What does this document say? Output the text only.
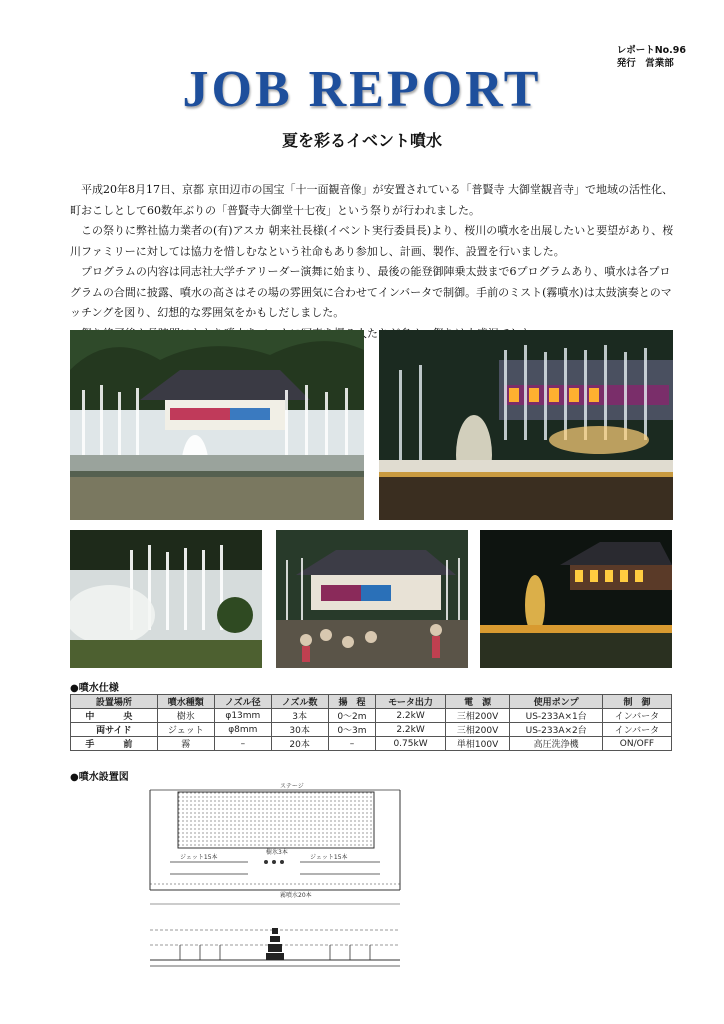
レポートNo.96
発行　営業部
JOB REPORT
夏を彩るイベント噴水

平成20年8月17日、京都 京田辺市の国宝「十一面観音像」が安置されている「普賢寺 大御堂観音寺」で地域の活性化、町おこしとして60数年ぶりの「普賢寺大御堂十七夜」という祭りが行われました。

この祭りに弊社協力業者の(有)アスカ 朝来社長様(イベント実行委員長)より、桜川の噴水を出展したいと要望があり、桜川ファミリーに対しては協力を惜しむなという社命もあり参加し、計画、製作、設置を行いました。

プログラムの内容は同志社大学チアリーダー演舞に始まり、最後の能登御陣乗太鼓まで6プログラムあり、噴水は各プログラムの合間に披露、噴水の高さはその場の雰囲気に合わせてインバータで制御。手前のミスト(霧噴水)は太鼓演奏とのマッチングを図り、幻想的な雰囲気をかもしだしました。

●噴水仕様
設置場所	噴水種類	ノズル径	ノズル数	揚　程	モータ出力	電　源	使用ポンプ	制　御
中　央	樹氷	φ13mm	3本	0〜2m	2.2kW	三相200V	US-233A×1台	インバータ
両サイド	ジェット	φ8mm	30本	0〜3m	2.2kW	三相200V	US-233A×2台	インバータ
手　前	霧	–	20本	–	0.75kW	単相100V	高圧洗浄機	ON/OFF
●噴水設置図
ステージ
ジェット15本
樹氷3本
ジェット15本
霧噴水20本
